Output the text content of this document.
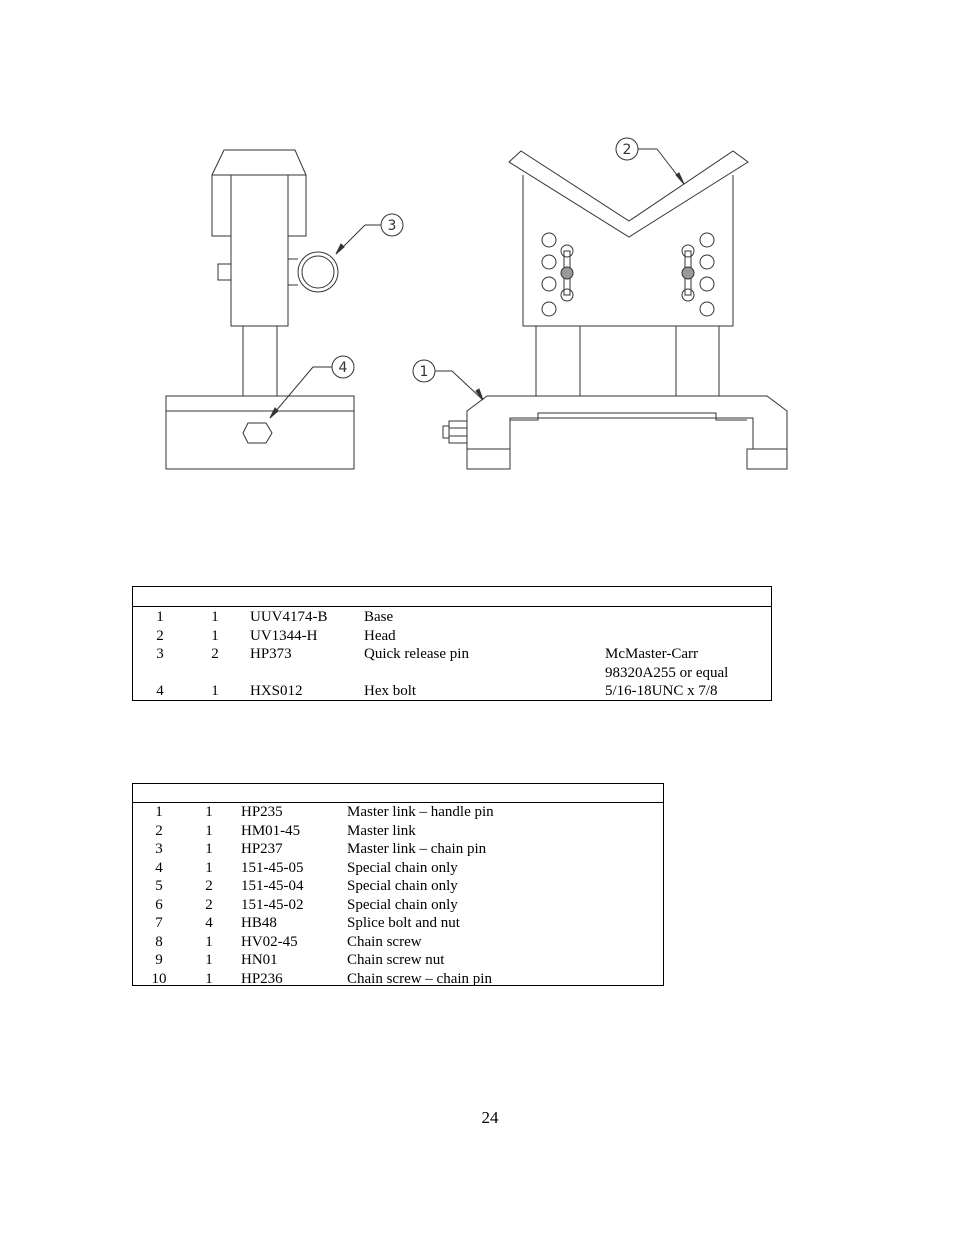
1
2
3
4
1	1	UUV4174-B Base
2	1	UV1344-H	Head
3	2	HP373	Quick release pin	McMaster-Carr
98320A255 or equal
4	1	HXS012	Hex bolt	5/16-18UNC x 7/8
1	1	HP235	Master link – handle pin
2	1	HM01-45	Master link
3	1	HP237	Master link – chain pin
4	1	151-45-05	Special chain only
5	2	151-45-04	Special chain only
6	2	151-45-02	Special chain only
7	4	HB48	Splice bolt and nut
8	1	HV02-45	Chain screw
9	1	HN01	Chain screw nut
10	1	HP236	Chain screw – chain pin
24
